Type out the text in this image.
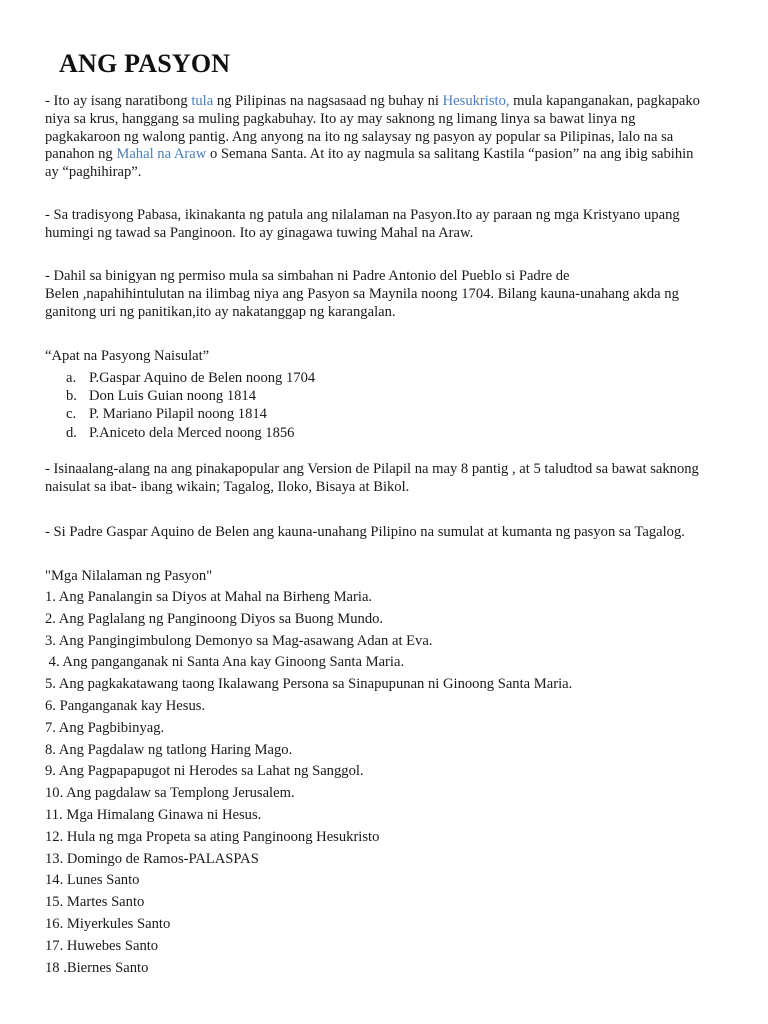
ANG PASYON

- Ito ay isang naratibong tula ng Pilipinas na nagsasaad ng buhay ni Hesukristo, mula kapanganakan, pagkapako
niya sa krus, hanggang sa muling pagkabuhay. Ito ay may saknong ng limang linya sa bawat linya ng
pagkakaroon ng walong pantig. Ang anyong na ito ng salaysay ng pasyon ay popular sa Pilipinas, lalo na sa
panahon ng Mahal na Araw o Semana Santa. At ito ay nagmula sa salitang Kastila “pasion” na ang ibig sabihin
ay “paghihirap”.

- Sa tradisyong Pabasa, ikinakanta ng patula ang nilalaman na Pasyon.Ito ay paraan ng mga Kristyano upang
humingi ng tawad sa Panginoon. Ito ay ginagawa tuwing Mahal na Araw.

- Dahil sa binigyan ng permiso mula sa simbahan ni Padre Antonio del Pueblo si Padre de
Belen ,napahihintulutan na ilimbag niya ang Pasyon sa Maynila noong 1704. Bilang kauna-unahang akda ng
ganitong uri ng panitikan,ito ay nakatanggap ng karangalan.

“Apat na Pasyong Naisulat”
a. P.Gaspar Aquino de Belen noong 1704
b. Don Luis Guian noong 1814
c. P. Mariano Pilapil noong 1814
d. P.Aniceto dela Merced noong 1856

- Isinaalang-alang na ang pinakapopular ang Version de Pilapil na may 8 pantig , at 5 taludtod sa bawat saknong
naisulat sa ibat- ibang wikain; Tagalog, Iloko, Bisaya at Bikol.

- Si Padre Gaspar Aquino de Belen ang kauna-unahang Pilipino na sumulat at kumanta ng pasyon sa Tagalog.

"Mga Nilalaman ng Pasyon"
1. Ang Panalangin sa Diyos at Mahal na Birheng Maria.
2. Ang Paglalang ng Panginoong Diyos sa Buong Mundo.
3. Ang Pangingimbulong Demonyo sa Mag-asawang Adan at Eva.
4. Ang panganganak ni Santa Ana kay Ginoong Santa Maria.
5. Ang pagkakatawang taong Ikalawang Persona sa Sinapupunan ni Ginoong Santa Maria.
6. Panganganak kay Hesus.
7. Ang Pagbibinyag.
8. Ang Pagdalaw ng tatlong Haring Mago.
9. Ang Pagpapapugot ni Herodes sa Lahat ng Sanggol.
10. Ang pagdalaw sa Templong Jerusalem.
11. Mga Himalang Ginawa ni Hesus.
12. Hula ng mga Propeta sa ating Panginoong Hesukristo
13. Domingo de Ramos-PALASPAS
14. Lunes Santo
15. Martes Santo
16. Miyerkules Santo
17. Huwebes Santo
18 .Biernes Santo
